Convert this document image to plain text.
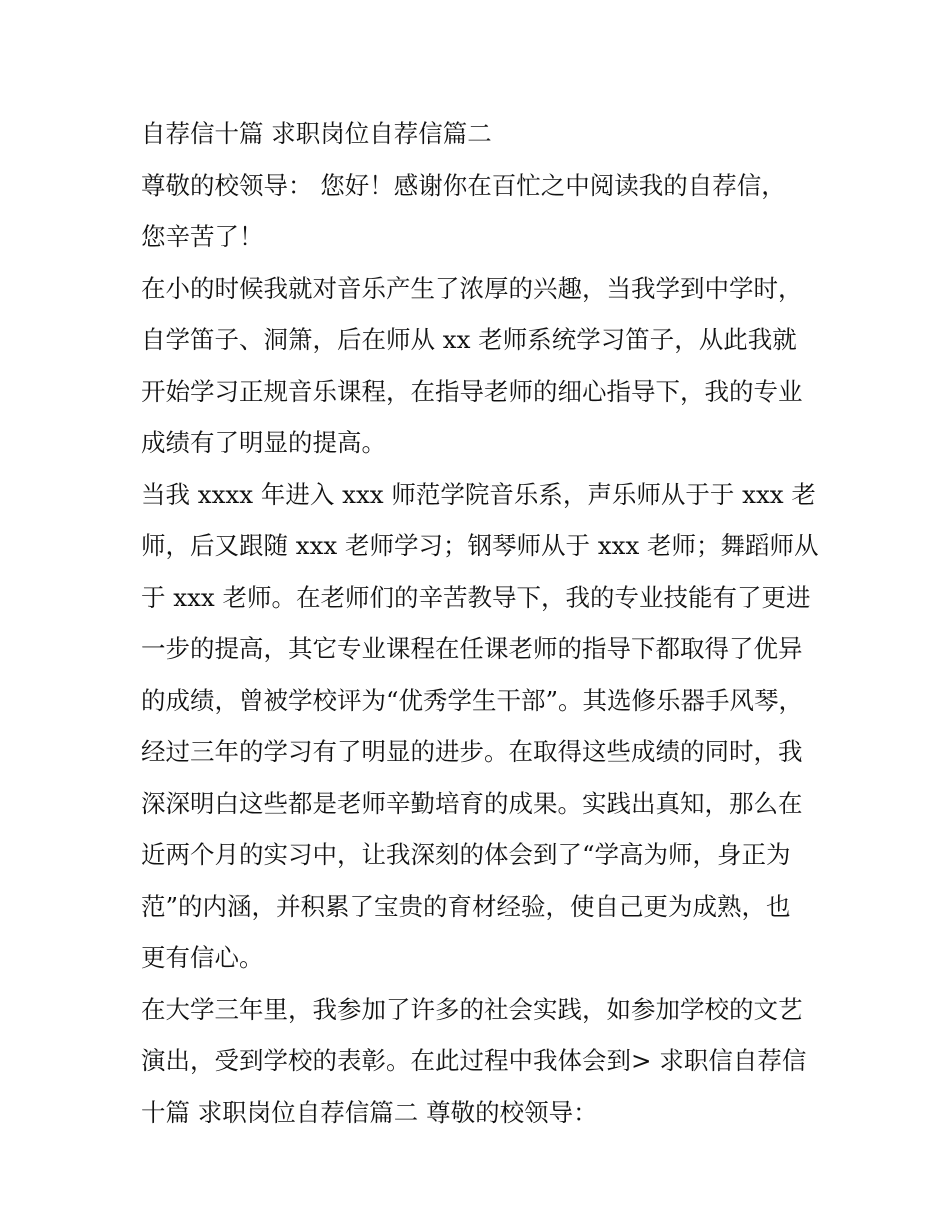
自荐信十篇 求职岗位自荐信篇二
尊敬的校领导： 您好！感谢你在百忙之中阅读我的自荐信，
您辛苦了！
在小的时候我就对音乐产生了浓厚的兴趣，当我学到中学时，
自学笛子、洞箫，后在师从 xx 老师系统学习笛子，从此我就
开始学习正规音乐课程，在指导老师的细心指导下，我的专业
成绩有了明显的提高。
当我 xxxx 年进入 xxx 师范学院音乐系，声乐师从于于 xxx 老
师，后又跟随 xxx 老师学习；钢琴师从于 xxx 老师；舞蹈师从
于 xxx 老师。在老师们的辛苦教导下，我的专业技能有了更进
一步的提高，其它专业课程在任课老师的指导下都取得了优异
的成绩，曾被学校评为“优秀学生干部”。其选修乐器手风琴，
经过三年的学习有了明显的进步。在取得这些成绩的同时，我
深深明白这些都是老师辛勤培育的成果。实践出真知，那么在
近两个月的实习中，让我深刻的体会到了“学高为师，身正为
范”的内涵，并积累了宝贵的育材经验，使自己更为成熟，也
更有信心。
在大学三年里，我参加了许多的社会实践，如参加学校的文艺
演出，受到学校的表彰。在此过程中我体会到> 求职信自荐信
十篇 求职岗位自荐信篇二 尊敬的校领导：
